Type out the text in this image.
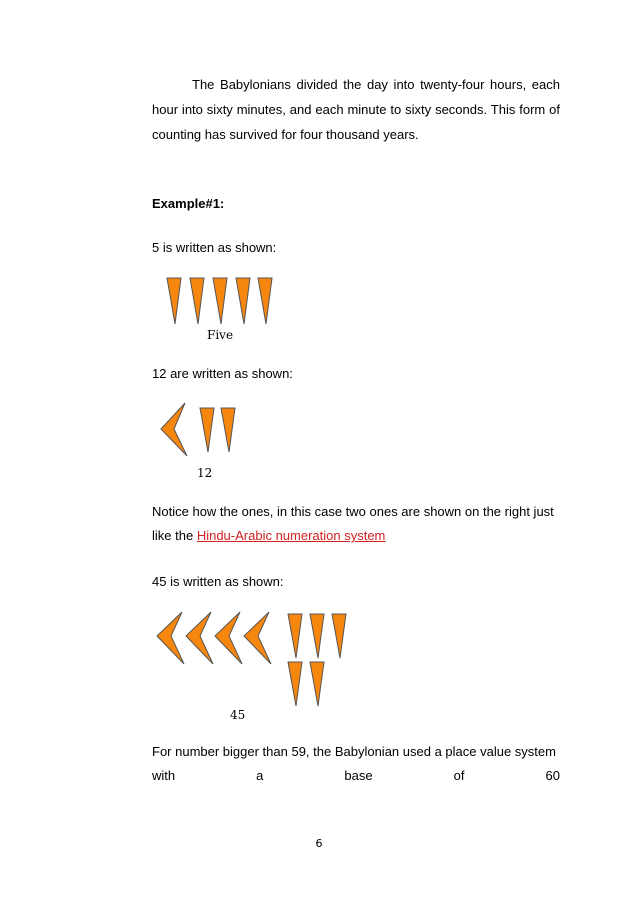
The Babylonians divided the day into twenty-four hours, each hour into sixty minutes, and each minute to sixty seconds. This form of counting has survived for four thousand years.

Example#1:

5 is written as shown:

Five

12 are written as shown:

12

Notice how the ones, in this case two ones are shown on the right just

like the Hindu-Arabic numeration system

45 is written as shown:

45

For number bigger than 59, the Babylonian used a place value system

with	a	base	of	60

6
